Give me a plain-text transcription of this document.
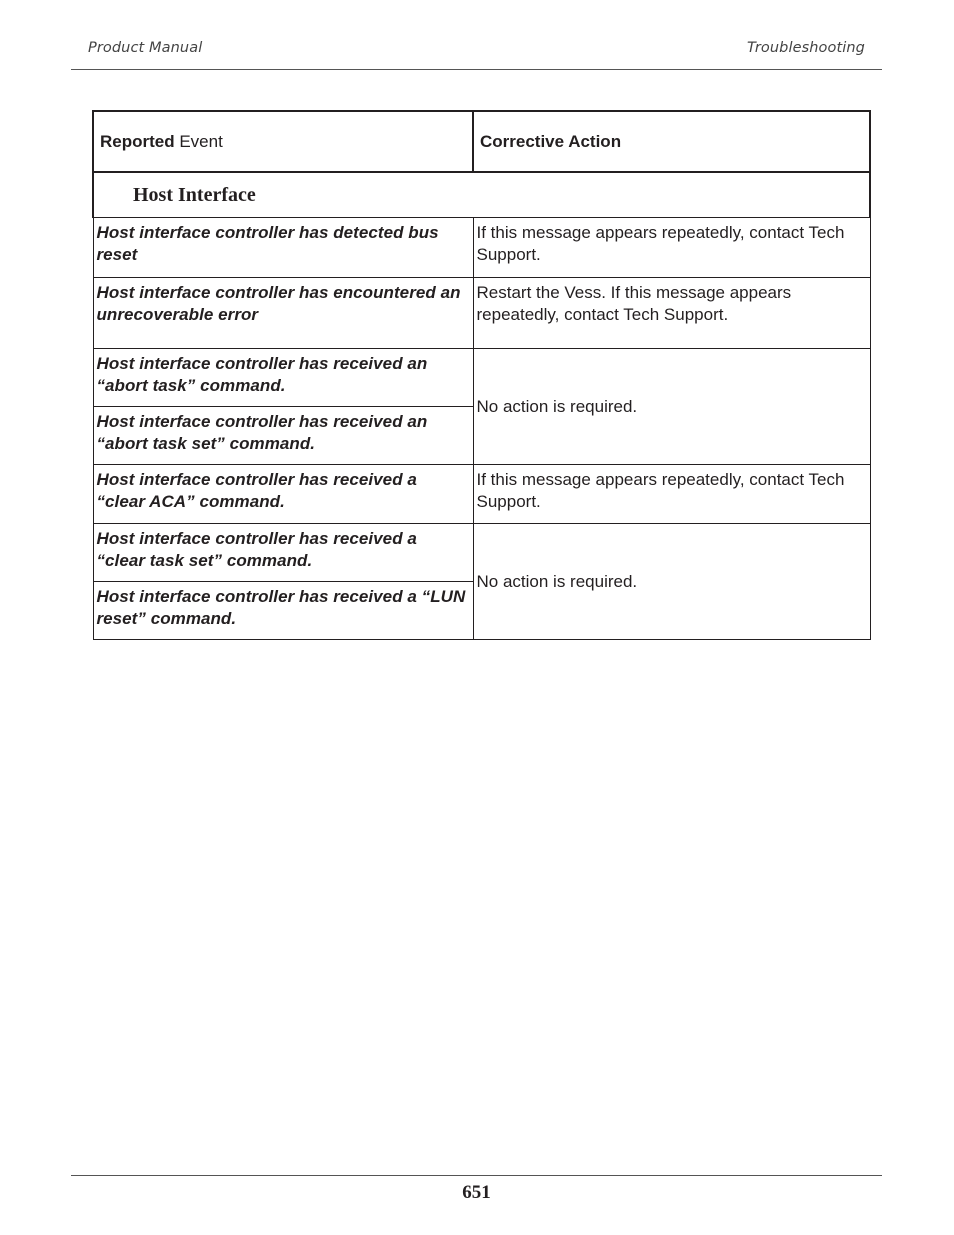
Product Manual	Troubleshooting
Reported Event	Corrective Action
Host Interface	
Host interface controller has detected bus reset	If this message appears repeatedly, contact Tech Support.
Host interface controller has encountered an unrecoverable error	Restart the Vess. If this message appears repeatedly, contact Tech Support.
Host interface controller has received an “abort task” command.	No action is required.
Host interface controller has received an “abort task set” command.	
Host interface controller has received a “clear ACA” command.	If this message appears repeatedly, contact Tech Support.
Host interface controller has received a “clear task set” command.	No action is required.
Host interface controller has received a “LUN reset” command.	
651
